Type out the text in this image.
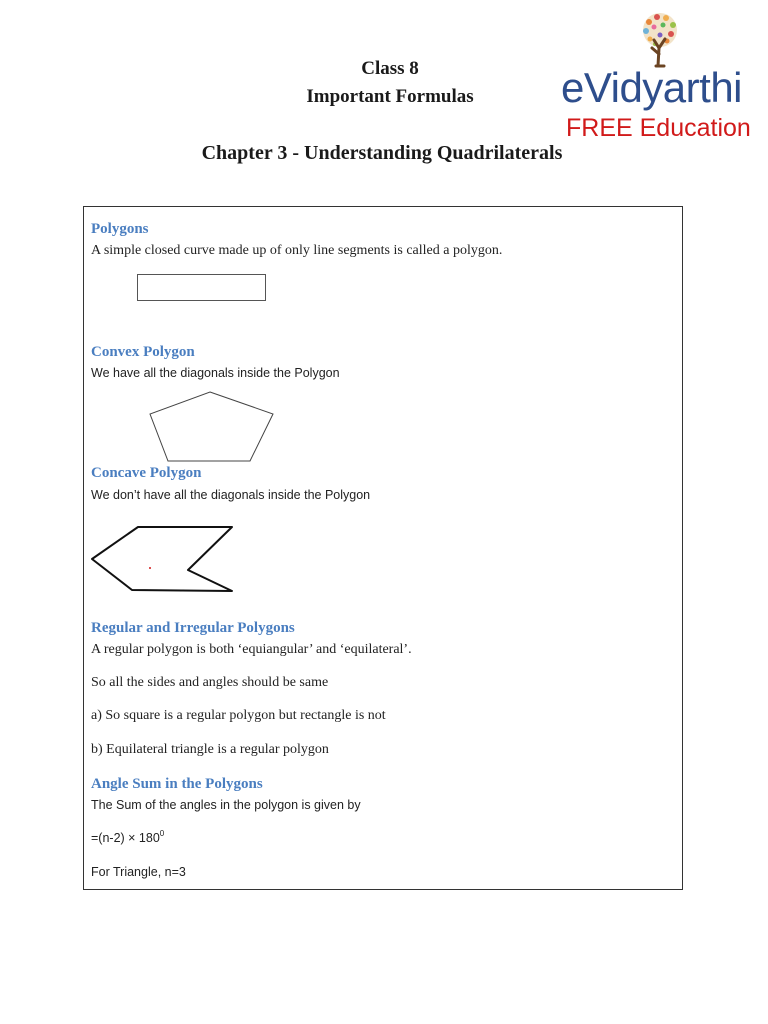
Class 8
Important Formulas
Chapter 3 - Understanding Quadrilaterals
eVidyarthi
FREE Education
Polygons
A simple closed curve made up of only line segments is called a polygon.
Convex Polygon
We have all the diagonals inside the Polygon
Concave Polygon
We don’t have all the diagonals inside the Polygon
Regular and Irregular Polygons
A regular polygon is both ‘equiangular’ and ‘equilateral’.
So all the sides and angles should be same
a) So square is a regular polygon but rectangle is not
b) Equilateral triangle is a regular polygon
Angle Sum in the Polygons
The Sum of the angles in the polygon is given by
$=(n-2) \times 180^0$
For Triangle, n=3
